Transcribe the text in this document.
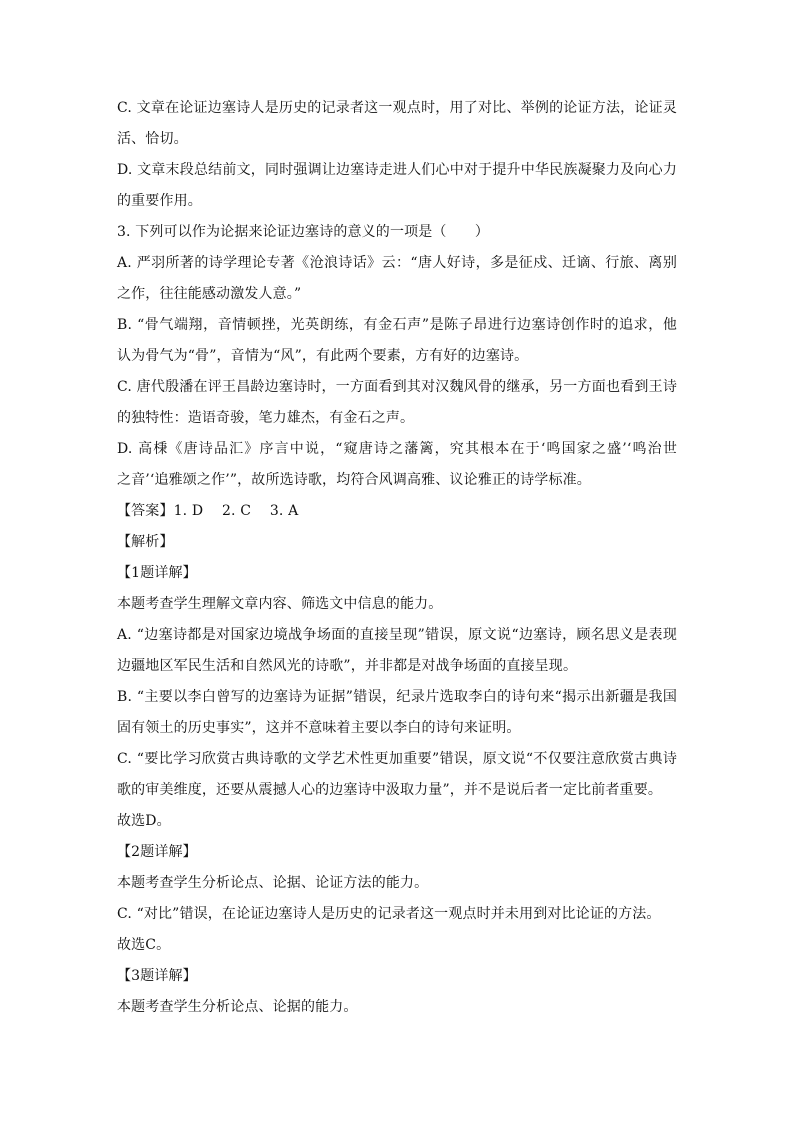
C. 文章在论证边塞诗人是历史的记录者这一观点时，用了对比、举例的论证方法，论证灵
活、恰切。
D. 文章末段总结前文，同时强调让边塞诗走进人们心中对于提升中华民族凝聚力及向心力
的重要作用。
3. 下列可以作为论据来论证边塞诗的意义的一项是（　　）
A. 严羽所著的诗学理论专著《沧浪诗话》云：“唐人好诗，多是征戍、迁谪、行旅、离别
之作，往往能感动激发人意。”
B. “骨气端翔，音情顿挫，光英朗练，有金石声”是陈子昂进行边塞诗创作时的追求，他
认为骨气为“骨”，音情为“风”，有此两个要素，方有好的边塞诗。
C. 唐代殷潘在评王昌龄边塞诗时，一方面看到其对汉魏风骨的继承，另一方面也看到王诗
的独特性：造语奇骏，笔力雄杰，有金石之声。
D. 高棅《唐诗品汇》序言中说，“窥唐诗之藩篱，究其根本在于‘鸣国家之盛’‘鸣治世
之音’‘追雅颂之作’”，故所选诗歌，均符合风调高雅、议论雅正的诗学标准。
【答案】1. D　 2. C　 3. A
【解析】
【1题详解】
本题考查学生理解文章内容、筛选文中信息的能力。
A. “边塞诗都是对国家边境战争场面的直接呈现”错误，原文说“边塞诗，顾名思义是表现
边疆地区军民生活和自然风光的诗歌”，并非都是对战争场面的直接呈现。
B. “主要以李白曾写的边塞诗为证据”错误，纪录片选取李白的诗句来“揭示出新疆是我国
固有领土的历史事实”，这并不意味着主要以李白的诗句来证明。
C. “要比学习欣赏古典诗歌的文学艺术性更加重要”错误，原文说“不仅要注意欣赏古典诗
歌的审美维度，还要从震撼人心的边塞诗中汲取力量”，并不是说后者一定比前者重要。
故选D。
【2题详解】
本题考查学生分析论点、论据、论证方法的能力。
C. “对比”错误，在论证边塞诗人是历史的记录者这一观点时并未用到对比论证的方法。
故选C。
【3题详解】
本题考查学生分析论点、论据的能力。
